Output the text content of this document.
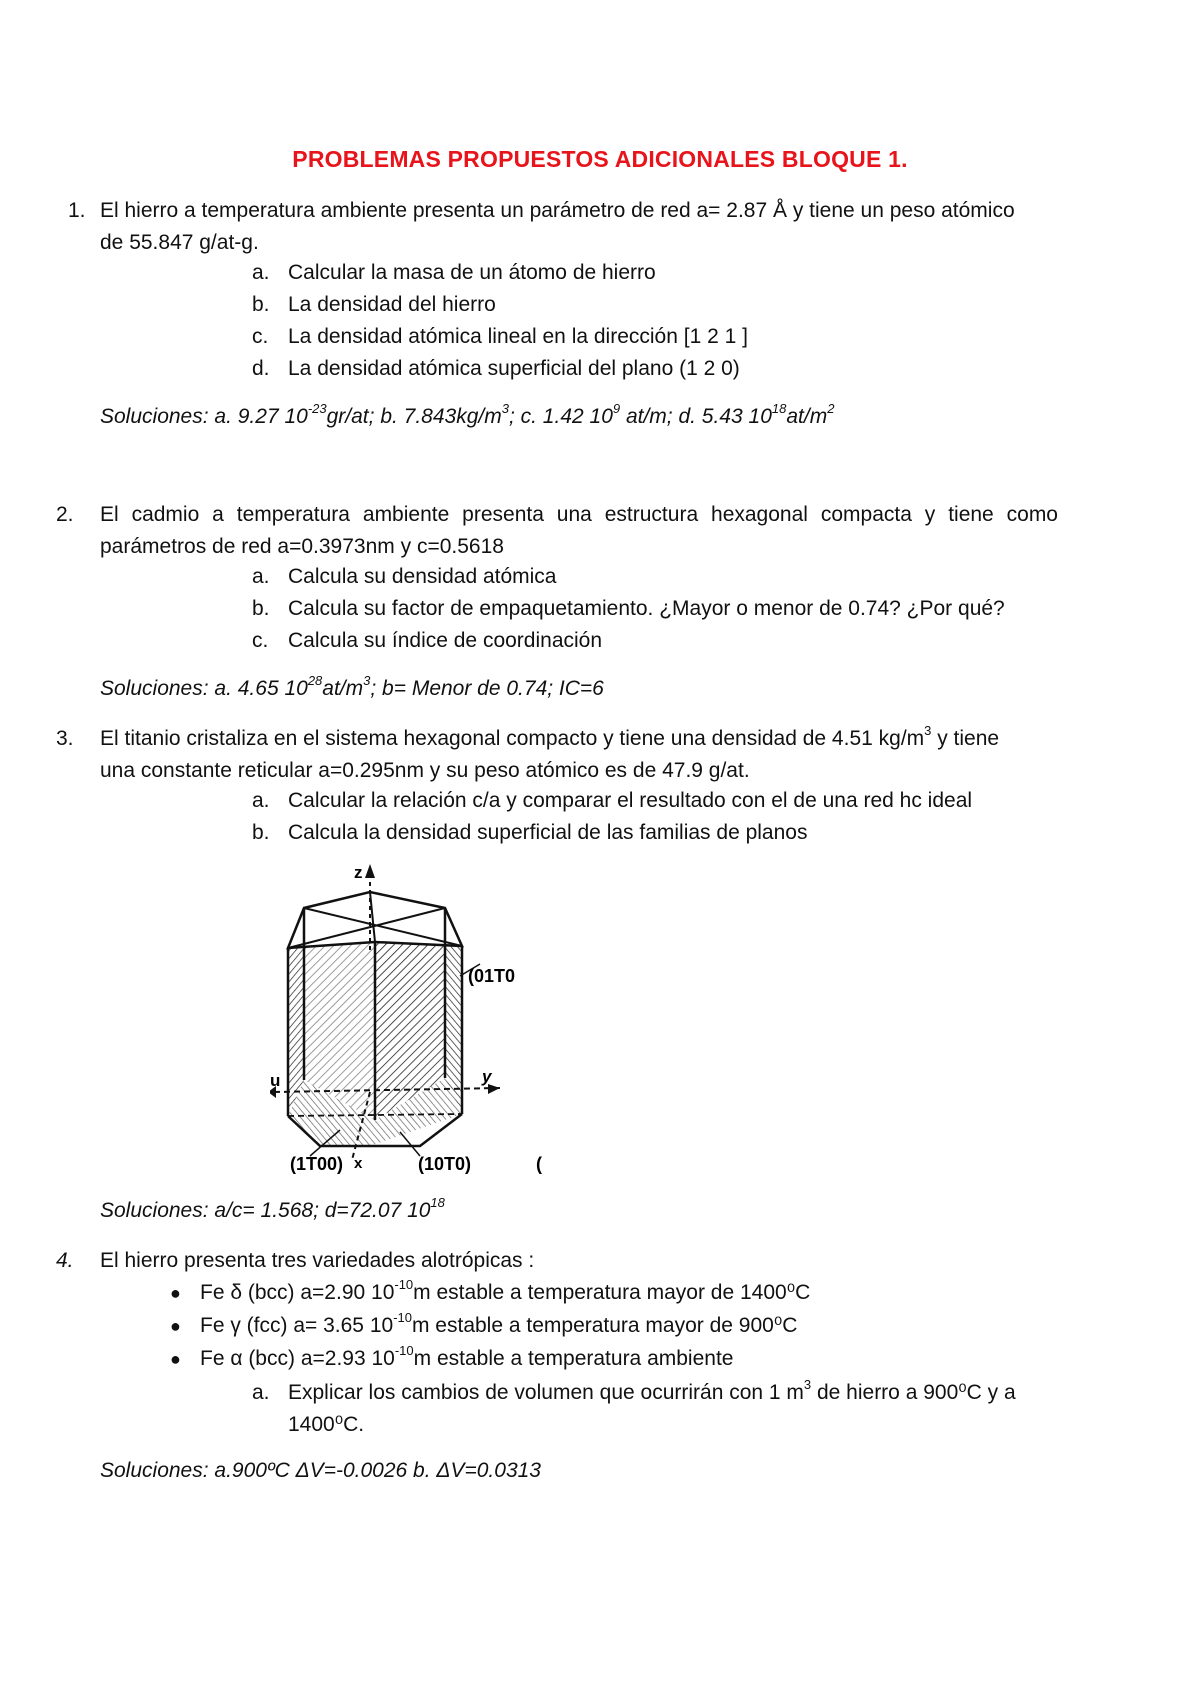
PROBLEMAS PROPUESTOS ADICIONALES BLOQUE 1.
1. El hierro a temperatura ambiente presenta un parámetro de red a= 2.87 Å y tiene un peso atómico
de 55.847 g/at-g.
a. Calcular la masa de un átomo de hierro
b. La densidad del hierro
c. La densidad atómica lineal en la dirección [1 2 1 ]
d. La densidad atómica superficial del plano (1 2 0)
Soluciones: a. 9.27 $10^{-23}gr/at$; b. $7.843kg/m^3$; c. 1.42 $10^9$ at/m; d. 5.43 $10^{18}at/m^2$
2. El cadmio a temperatura ambiente presenta una estructura hexagonal compacta y tiene como
parámetros de red a=0.3973nm y c=0.5618
a. Calcula su densidad atómica
b. Calcula su factor de empaquetamiento. ¿Mayor o menor de 0.74? ¿Por qué?
c. Calcula su índice de coordinación
Soluciones: a. 4.65 $10^{28}at/m^3$; b= Menor de 0.74; IC=6
3. El titanio cristaliza en el sistema hexagonal compacto y tiene una densidad de 4.51 $kg/m^3$ y tiene
una constante reticular a=0.295nm y su peso atómico es de 47.9 g/at.
a. Calcular la relación c/a y comparar el resultado con el de una red hc ideal
b. Calcula la densidad superficial de las familias de planos
z
u	y
x
(01T0
(1T00)	(10T0)	(
Soluciones: a/c= 1.568; d=72.07 $10^{18}$
4. El hierro presenta tres variedades alotrópicas :
● Fe δ (bcc) a=2.90 $10^{-10}m$ estable a temperatura mayor de 1400⁰C
● Fe γ (fcc) a= 3.65 $10^{-10}m$ estable a temperatura mayor de 900⁰C
● Fe α (bcc) a=2.93 $10^{-10}m$ estable a temperatura ambiente
a. Explicar los cambios de volumen que ocurrirán con 1 $m^3$ de hierro a 900⁰C y a
1400⁰C.
Soluciones: a.900ºC ΔV=-0.0026 b. ΔV=0.0313
